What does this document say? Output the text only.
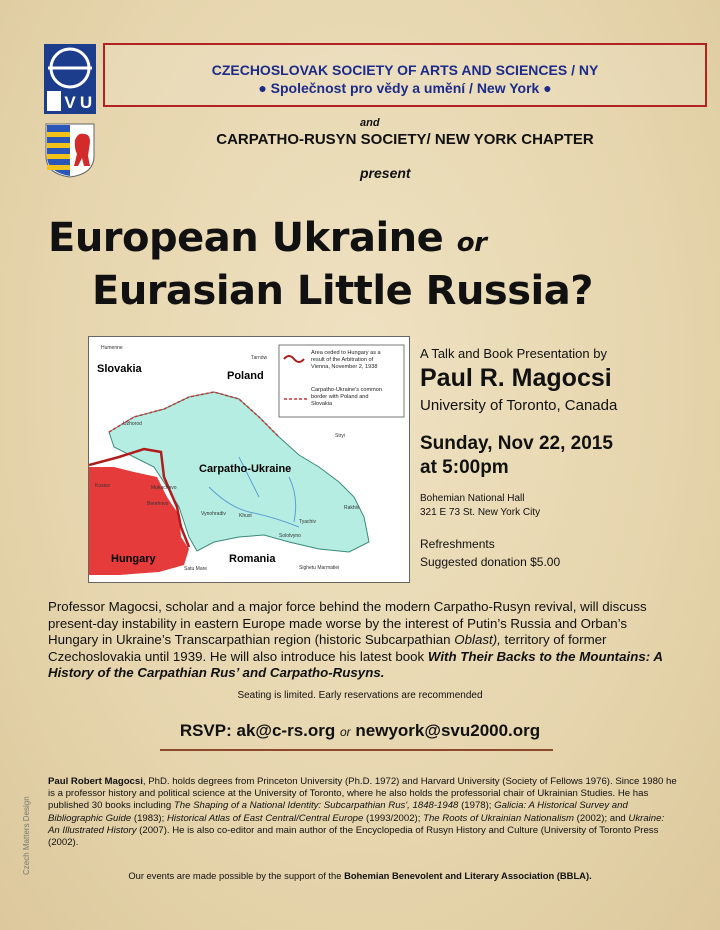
V U
CZECHOSLOVAK SOCIETY OF ARTS AND SCIENCES / NY
● Společnost pro vědy a umění / New York ●
and
CARPATHO-RUSYN SOCIETY/ NEW YORK CHAPTER
present
European Ukraine or
Eurasian Little Russia?
Area ceded to Hungary as a result of the Arbitration of Vienna, November 2, 1938
Carpatho-Ukraine's common border with Poland and Slovakia
Slovakia
Poland
Carpatho-Ukraine
Hungary	Romania
Humenne
Uzhorod
Mukachevo
Kosice
Tarnów
Berehovo
Khust
Stryi
Solotvyno
Rakhiv
Satu Mare	Sighetu Marmatiei
Tyachiv
Vynohradiv
A Talk and Book Presentation by
Paul R. Magocsi
University of Toronto, Canada
Sunday, Nov 22, 2015
at 5:00pm
Bohemian National Hall
321 E 73 St. New York City
Refreshments
Suggested donation $5.00
Professor Magocsi, scholar and a major force behind the modern Carpatho-Rusyn revival, will discuss present-day instability in eastern Europe made worse by the interest of Putin’s Russia and Orban’s Hungary in Ukraine’s Transcarpathian region (historic Subcarpathian Oblast), territory of former Czechoslovakia until 1939. He will also introduce his latest book With Their Backs to the Mountains: A History of the Carpathian Rus’ and Carpatho-Rusyns.
Seating is limited. Early reservations are recommended
RSVP: ak@c-rs.org or newyork@svu2000.org
Czech Matters Design
Paul Robert Magocsi, PhD. holds degrees from Princeton University (Ph.D. 1972) and Harvard University (Society of Fellows 1976). Since 1980 he is a professor history and political science at the University of Toronto, where he also holds the professorial chair of Ukrainian Studies. He has published 30 books including The Shaping of a National Identity: Subcarpathian Rus', 1848-1948 (1978); Galicia: A Historical Survey and Bibliographic Guide (1983); Historical Atlas of East Central/Central Europe (1993/2002); The Roots of Ukrainian Nationalism (2002); and Ukraine: An Illustrated History (2007). He is also co-editor and main author of the Encyclopedia of Rusyn History and Culture (University of Toronto Press (2002).
Our events are made possible by the support of the Bohemian Benevolent and Literary Association (BBLA).
